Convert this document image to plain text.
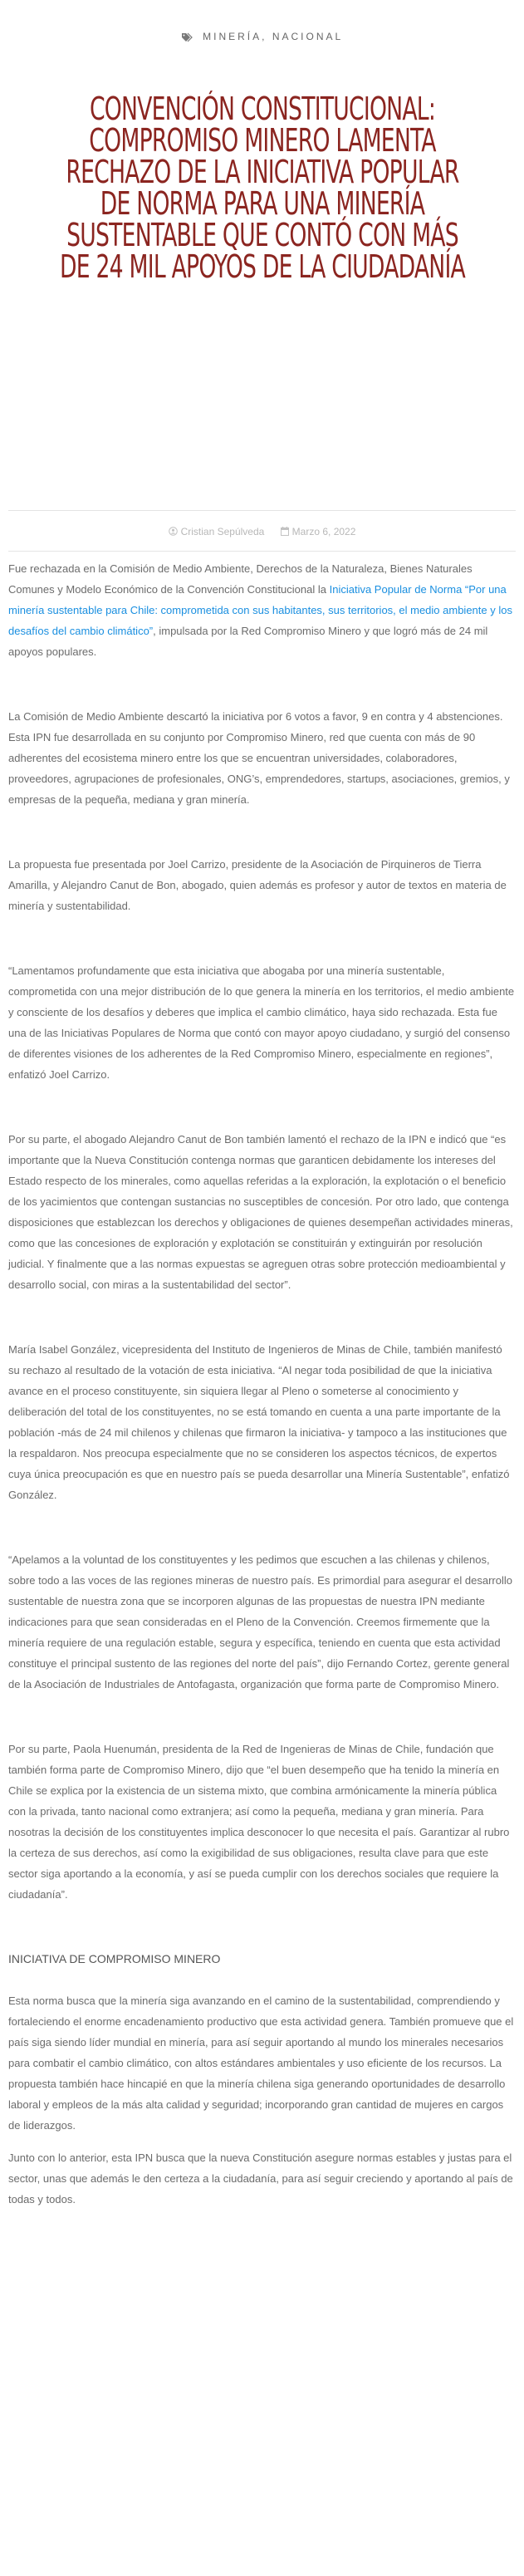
MINERÍA, NACIONAL
CONVENCIÓN CONSTITUCIONAL: COMPROMISO MINERO LAMENTA RECHAZO DE LA INICIATIVA POPULAR DE NORMA PARA UNA MINERÍA SUSTENTABLE QUE CONTÓ CON MÁS DE 24 MIL APOYOS DE LA CIUDADANÍA
Cristian Sepúlveda	Marzo 6, 2022

Fue rechazada en la Comisión de Medio Ambiente, Derechos de la Naturaleza, Bienes Naturales Comunes y Modelo Económico de la Convención Constitucional la Iniciativa Popular de Norma “Por una minería sustentable para Chile: comprometida con sus habitantes, sus territorios, el medio ambiente y los desafíos del cambio climático”, impulsada por la Red Compromiso Minero y que logró más de 24 mil apoyos populares.

La Comisión de Medio Ambiente descartó la iniciativa por 6 votos a favor, 9 en contra y 4 abstenciones. Esta IPN fue desarrollada en su conjunto por Compromiso Minero, red que cuenta con más de 90 adherentes del ecosistema minero entre los que se encuentran universidades, colaboradores, proveedores, agrupaciones de profesionales, ONG’s, emprendedores, startups, asociaciones, gremios, y empresas de la pequeña, mediana y gran minería.

La propuesta fue presentada por Joel Carrizo, presidente de la Asociación de Pirquineros de Tierra Amarilla, y Alejandro Canut de Bon, abogado, quien además es profesor y autor de textos en materia de minería y sustentabilidad.

“Lamentamos profundamente que esta iniciativa que abogaba por una minería sustentable, comprometida con una mejor distribución de lo que genera la minería en los territorios, el medio ambiente y consciente de los desafíos y deberes que implica el cambio climático, haya sido rechazada. Esta fue una de las Iniciativas Populares de Norma que contó con mayor apoyo ciudadano, y surgió del consenso de diferentes visiones de los adherentes de la Red Compromiso Minero, especialmente en regiones”, enfatizó Joel Carrizo.

Por su parte, el abogado Alejandro Canut de Bon también lamentó el rechazo de la IPN e indicó que “es importante que la Nueva Constitución contenga normas que garanticen debidamente los intereses del Estado respecto de los minerales, como aquellas referidas a la exploración, la explotación o el beneficio de los yacimientos que contengan sustancias no susceptibles de concesión. Por otro lado, que contenga disposiciones que establezcan los derechos y obligaciones de quienes desempeñan actividades mineras, como que las concesiones de exploración y explotación se constituirán y extinguirán por resolución judicial. Y finalmente que a las normas expuestas se agreguen otras sobre protección medioambiental y desarrollo social, con miras a la sustentabilidad del sector”.

María Isabel González, vicepresidenta del Instituto de Ingenieros de Minas de Chile, también manifestó su rechazo al resultado de la votación de esta iniciativa. “Al negar toda posibilidad de que la iniciativa avance en el proceso constituyente, sin siquiera llegar al Pleno o someterse al conocimiento y deliberación del total de los constituyentes, no se está tomando en cuenta a una parte importante de la población -más de 24 mil chilenos y chilenas que firmaron la iniciativa- y tampoco a las instituciones que la respaldaron. Nos preocupa especialmente que no se consideren los aspectos técnicos, de expertos cuya única preocupación es que en nuestro país se pueda desarrollar una Minería Sustentable”, enfatizó González.

“Apelamos a la voluntad de los constituyentes y les pedimos que escuchen a las chilenas y chilenos, sobre todo a las voces de las regiones mineras de nuestro país. Es primordial para asegurar el desarrollo sustentable de nuestra zona que se incorporen algunas de las propuestas de nuestra IPN mediante indicaciones para que sean consideradas en el Pleno de la Convención. Creemos firmemente que la minería requiere de una regulación estable, segura y específica, teniendo en cuenta que esta actividad constituye el principal sustento de las regiones del norte del país”, dijo Fernando Cortez, gerente general de la Asociación de Industriales de Antofagasta, organización que forma parte de Compromiso Minero.

Por su parte, Paola Huenumán, presidenta de la Red de Ingenieras de Minas de Chile, fundación que también forma parte de Compromiso Minero, dijo que “el buen desempeño que ha tenido la minería en Chile se explica por la existencia de un sistema mixto, que combina armónicamente la minería pública con la privada, tanto nacional como extranjera; así como la pequeña, mediana y gran minería. Para nosotras la decisión de los constituyentes implica desconocer lo que necesita el país. Garantizar al rubro la certeza de sus derechos, así como la exigibilidad de sus obligaciones, resulta clave para que este sector siga aportando a la economía, y así se pueda cumplir con los derechos sociales que requiere la ciudadanía”.

INICIATIVA DE COMPROMISO MINERO

Esta norma busca que la minería siga avanzando en el camino de la sustentabilidad, comprendiendo y fortaleciendo el enorme encadenamiento productivo que esta actividad genera. También promueve que el país siga siendo líder mundial en minería, para así seguir aportando al mundo los minerales necesarios para combatir el cambio climático, con altos estándares ambientales y uso eficiente de los recursos. La propuesta también hace hincapié en que la minería chilena siga generando oportunidades de desarrollo laboral y empleos de la más alta calidad y seguridad; incorporando gran cantidad de mujeres en cargos de liderazgos.

Junto con lo anterior, esta IPN busca que la nueva Constitución asegure normas estables y justas para el sector, unas que además le den certeza a la ciudadanía, para así seguir creciendo y aportando al país de todas y todos.
